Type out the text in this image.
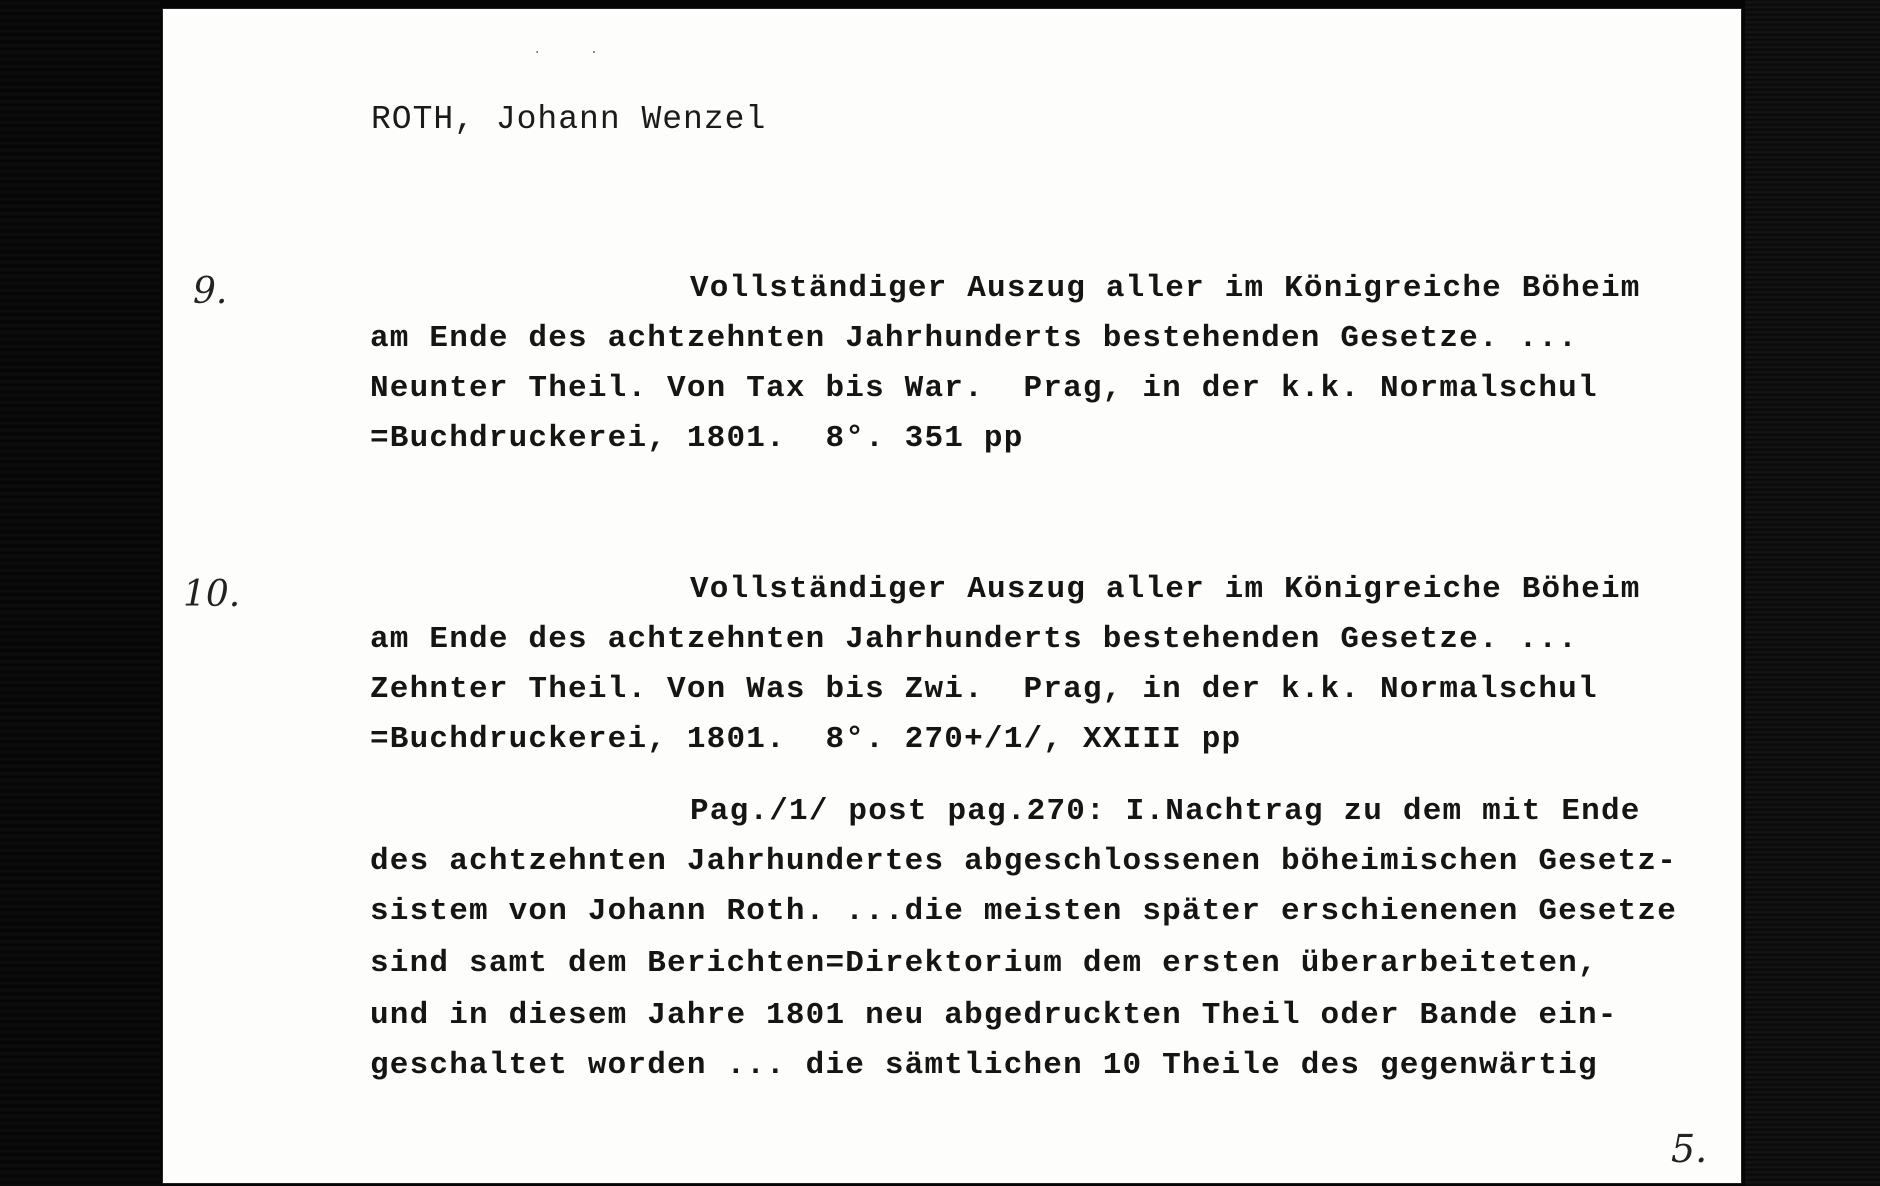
· ·
ROTH, Johann Wenzel
9.	Vollständiger Auszug aller im Königreiche Böheim
am Ende des achtzehnten Jahrhunderts bestehenden Gesetze. ...
Neunter Theil. Von Tax bis War.  Prag, in der k.k. Normalschul
=Buchdruckerei, 1801.  8°. 351 pp
10.	Vollständiger Auszug aller im Königreiche Böheim
am Ende des achtzehnten Jahrhunderts bestehenden Gesetze. ...
Zehnter Theil. Von Was bis Zwi.  Prag, in der k.k. Normalschul
=Buchdruckerei, 1801.  8°. 270+/1/, XXIII pp
Pag./1/ post pag.270: I.Nachtrag zu dem mit Ende
des achtzehnten Jahrhundertes abgeschlossenen böheimischen Gesetz-
sistem von Johann Roth. ...die meisten später erschienenen Gesetze
sind samt dem Berichten=Direktorium dem ersten überarbeiteten,
und in diesem Jahre 1801 neu abgedruckten Theil oder Bande ein-
geschaltet worden ... die sämtlichen 10 Theile des gegenwärtig
5.
